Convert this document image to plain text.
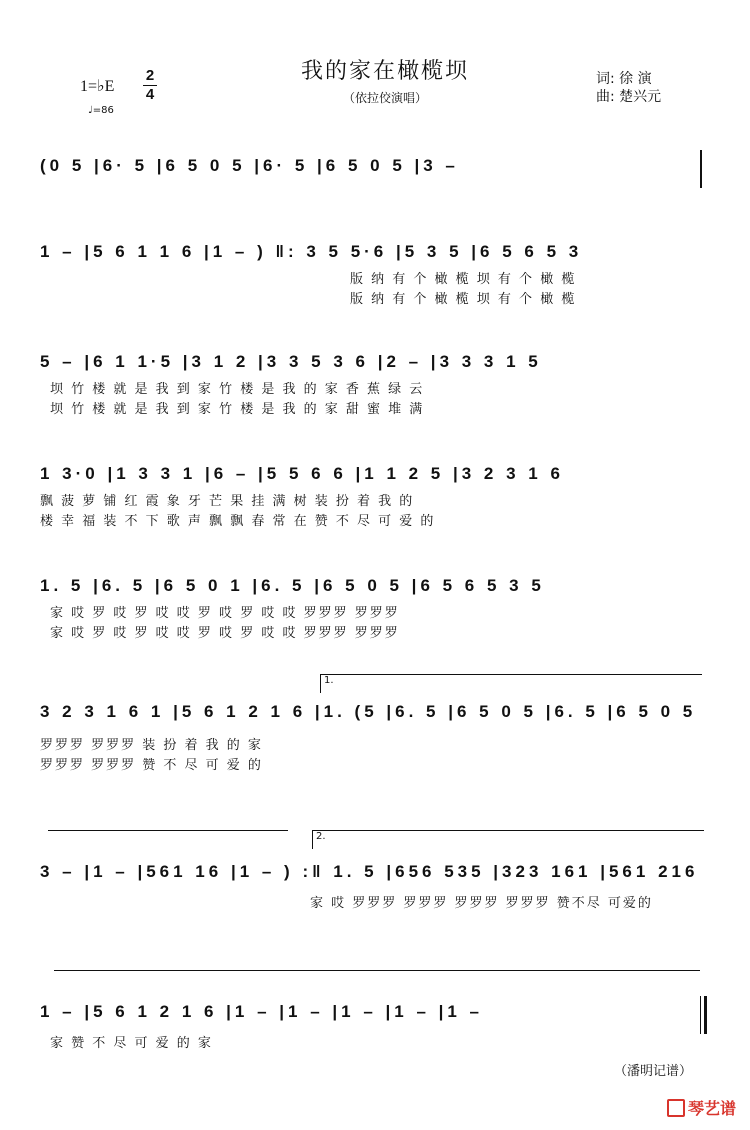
我的家在橄榄坝
（依拉佼演唱）
1=♭E
2
4
♩=86
词: 徐 演
曲: 楚兴元
(0 5 |6· 5 |6 5 0 5 |6· 5 |6 5 0 5 |3 –
1 – |5 6 1 1 6 |1 – ) ‖: 3 5 5·6 |5 3 5 |6 5 6 5 3
版 纳 有 个 橄 榄 坝 有 个 橄 榄
版 纳 有 个 橄 榄 坝 有 个 橄 榄
5 – |6 1 1·5 |3 1 2 |3 3 5 3 6 |2 – |3 3 3 1 5
坝 竹 楼 就 是 我 到 家 竹 楼 是 我 的 家 香 蕉 绿 云
坝 竹 楼 就 是 我 到 家 竹 楼 是 我 的 家 甜 蜜 堆 满
1 3·0 |1 3 3 1 |6 – |5 5 6 6 |1 1 2 5 |3 2 3 1 6
飘 菠 萝 铺 红 霞 象 牙 芒 果 挂 满 树 装 扮 着 我 的
楼 幸 福 装 不 下 歌 声 飘 飘 春 常 在 赞 不 尽 可 爱 的
1. 5 |6. 5 |6 5 0 1 |6. 5 |6 5 0 5 |6 5 6 5 3 5
家 哎 罗 哎 罗 哎 哎 罗 哎 罗 哎 哎 罗罗罗 罗罗罗
家 哎 罗 哎 罗 哎 哎 罗 哎 罗 哎 哎 罗罗罗 罗罗罗
1.
3 2 3 1 6 1 |5 6 1 2 1 6 |1. (5 |6. 5 |6 5 0 5 |6. 5 |6 5 0 5
罗罗罗 罗罗罗 装 扮 着 我 的 家
罗罗罗 罗罗罗 赞 不 尽 可 爱 的
2.
3 – |1 – |561 16 |1 – ) :‖ 1. 5 |656 535 |323 161 |561 216
家 哎 罗罗罗 罗罗罗 罗罗罗 罗罗罗 赞不尽 可爱的
1 – |5 6 1 2 1 6 |1 – |1 – |1 – |1 – |1 –
家 赞 不 尽 可 爱 的 家
（潘明记谱）
琴艺谱
